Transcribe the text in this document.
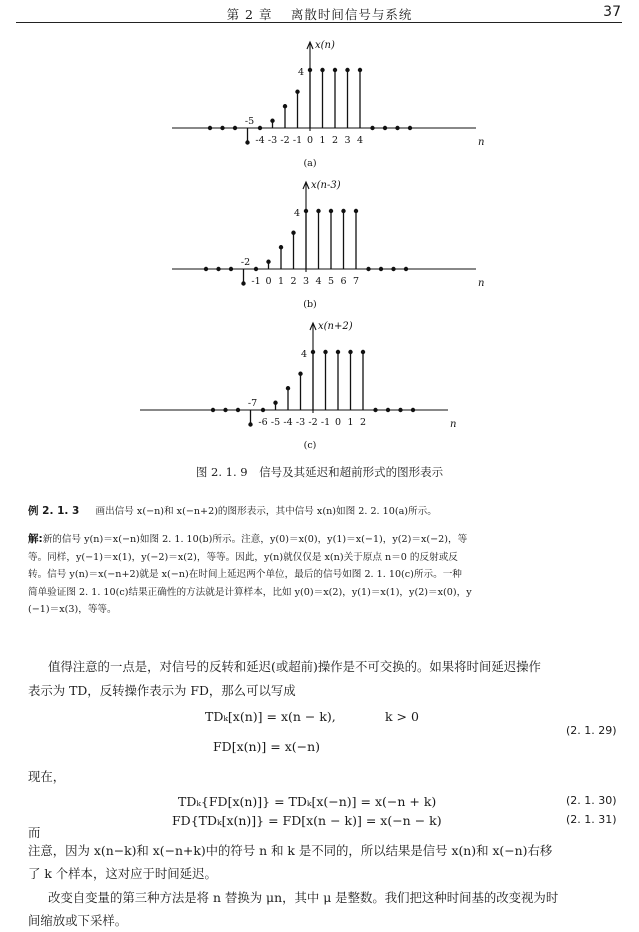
第 2 章　 离散时间信号与系统	37
x(n)
n
-4 -3 -2 -1 0 1 2 3 4
-5
4
(a)
x(n-3)
n
-1 0 1 2 3 4 5 6 7
-2
4
(b)
x(n+2)
n
-6 -5 -4 -3 -2 -1 0 1 2
-7
4
(c)
图 2. 1. 9　信号及其延迟和超前形式的图形表示
例 2. 1. 3 画出信号 x(−n)和 x(−n+2)的图形表示，其中信号 x(n)如图 2. 2. 10(a)所示。
解:新的信号 y(n)＝x(−n)如图 2. 1. 10(b)所示。注意，y(0)＝x(0)，y(1)＝x(−1)，y(2)＝x(−2)，等
等。同样，y(−1)＝x(1)，y(−2)＝x(2)，等等。因此，y(n)就仅仅是 x(n)关于原点 n＝0 的反射或反
转。信号 y(n)＝x(−n+2)就是 x(−n)在时间上延迟两个单位，最后的信号如图 2. 1. 10(c)所示。一种
简单验证图 2. 1. 10(c)结果正确性的方法就是计算样本，比如 y(0)＝x(2)，y(1)＝x(1)，y(2)＝x(0)，y
(−1)＝x(3)，等等。
值得注意的一点是，对信号的反转和延迟(或超前)操作是不可交换的。如果将时间延迟操作
表示为 TD，反转操作表示为 FD，那么可以写成
TDₖ[x(n)] = x(n − k),	k > 0
FD[x(n)] = x(−n)
(2. 1. 29)
现在，
TDₖ{FD[x(n)]} = TDₖ[x(−n)] = x(−n + k)	(2. 1. 30)
而
FD{TDₖ[x(n)]} = FD[x(n − k)] = x(−n − k)	(2. 1. 31)
注意，因为 x(n−k)和 x(−n+k)中的符号 n 和 k 是不同的，所以结果是信号 x(n)和 x(−n)右移
了 k 个样本，这对应于时间延迟。
改变自变量的第三种方法是将 n 替换为 μn，其中 μ 是整数。我们把这种时间基的改变视为时
间缩放或下采样。
